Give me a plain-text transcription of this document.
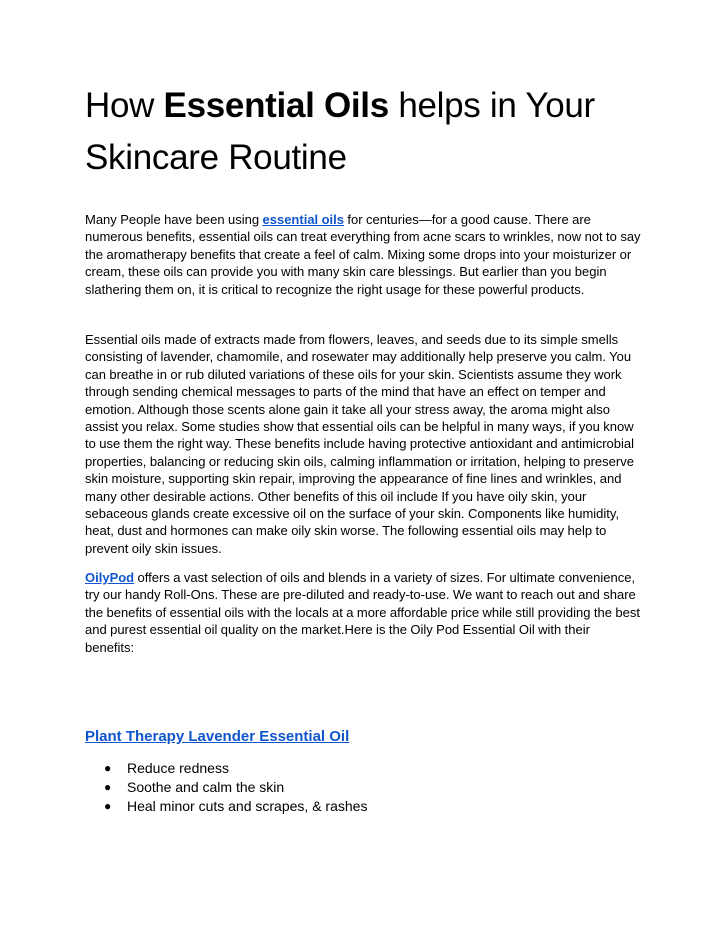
How Essential Oils helps in Your Skincare Routine

Many People have been using essential oils for centuries—for a good cause. There are numerous benefits, essential oils can treat everything from acne scars to wrinkles, now not to say the aromatherapy benefits that create a feel of calm. Mixing some drops into your moisturizer or cream, these oils can provide you with many skin care blessings. But earlier than you begin slathering them on, it is critical to recognize the right usage for these powerful products.

Essential oils made of extracts made from flowers, leaves, and seeds due to its simple smells consisting of lavender, chamomile, and rosewater may additionally help preserve you calm. You can breathe in or rub diluted variations of these oils for your skin. Scientists assume they work through sending chemical messages to parts of the mind that have an effect on temper and emotion. Although those scents alone gain it take all your stress away, the aroma might also assist you relax. Some studies show that essential oils can be helpful in many ways, if you know to use them the right way. These benefits include having protective antioxidant and antimicrobial properties, balancing or reducing skin oils, calming inflammation or irritation, helping to preserve skin moisture, supporting skin repair, improving the appearance of fine lines and wrinkles, and many other desirable actions. Other benefits of this oil include If you have oily skin, your sebaceous glands create excessive oil on the surface of your skin. Components like humidity, heat, dust and hormones can make oily skin worse. The following essential oils may help to prevent oily skin issues.

OilyPod offers a vast selection of oils and blends in a variety of sizes. For ultimate convenience, try our handy Roll-Ons. These are pre-diluted and ready-to-use. We want to reach out and share the benefits of essential oils with the locals at a more affordable price while still providing the best and purest essential oil quality on the market.Here is the Oily Pod Essential Oil with their benefits:

Plant Therapy Lavender Essential Oil
● Reduce redness
● Soothe and calm the skin
● Heal minor cuts and scrapes, & rashes
